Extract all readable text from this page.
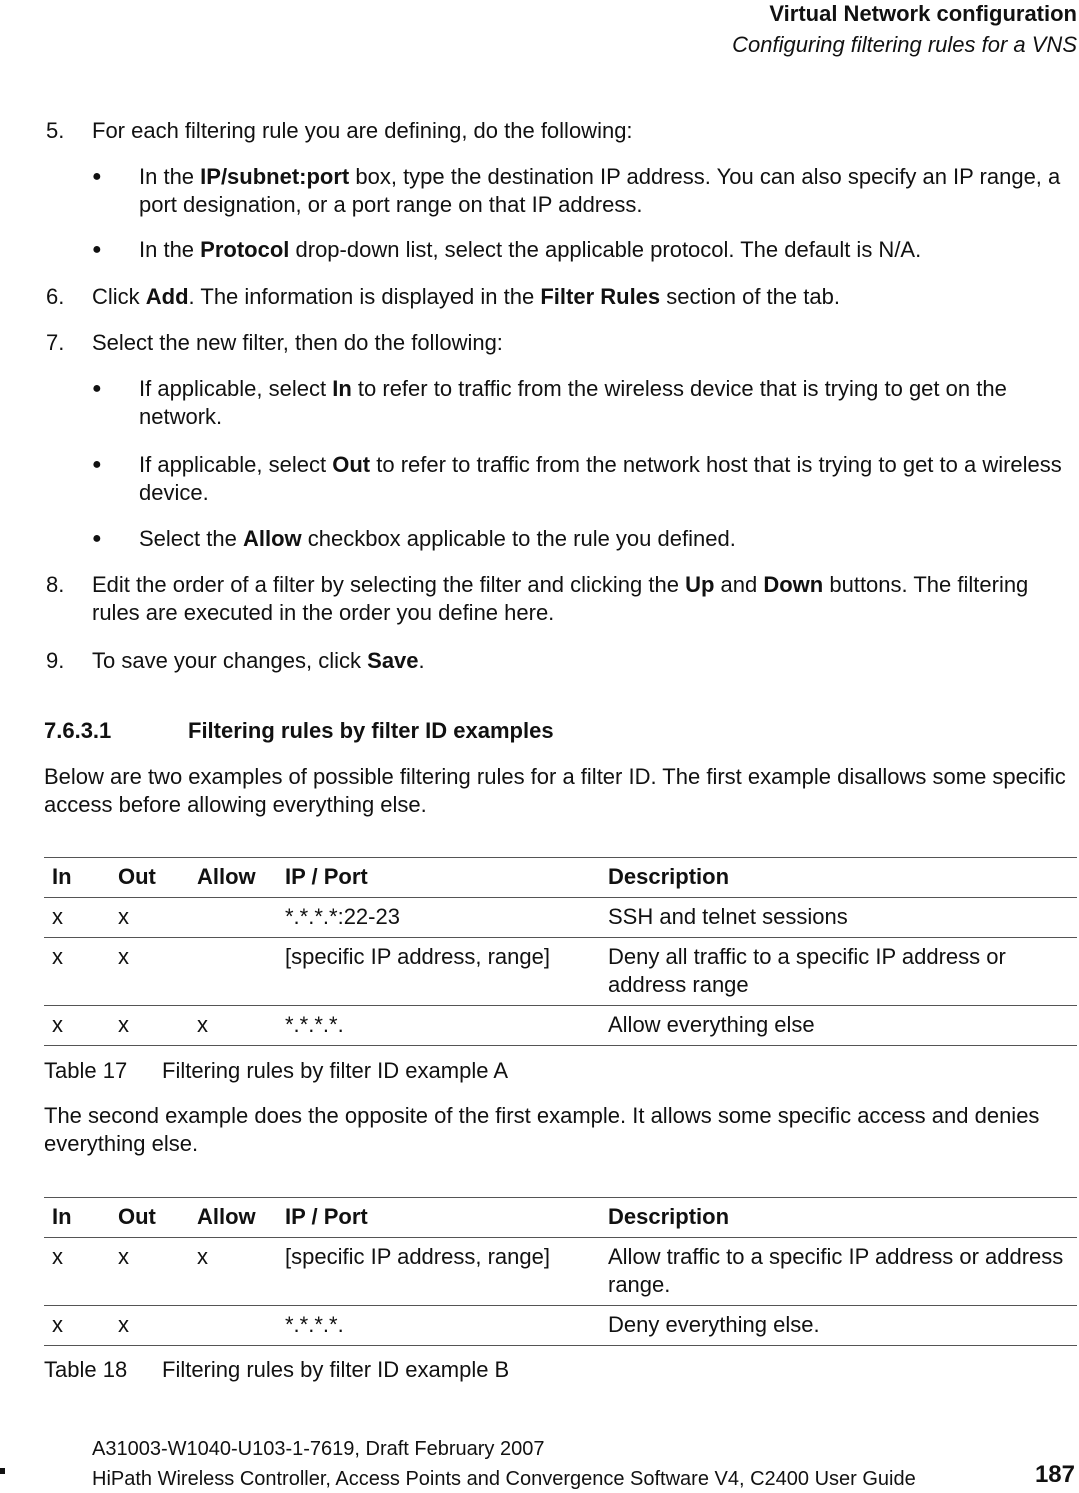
Virtual Network configuration
Configuring filtering rules for a VNS
5.	For each filtering rule you are defining, do the following:
●	In the IP/subnet:port box, type the destination IP address. You can also specify an IP range, a port designation, or a port range on that IP address.
●	In the Protocol drop-down list, select the applicable protocol. The default is N/A.
6.	Click Add. The information is displayed in the Filter Rules section of the tab.
7.	Select the new filter, then do the following:
●	If applicable, select In to refer to traffic from the wireless device that is trying to get on the network.
●	If applicable, select Out to refer to traffic from the network host that is trying to get to a wireless device.
●	Select the Allow checkbox applicable to the rule you defined.
8.	Edit the order of a filter by selecting the filter and clicking the Up and Down buttons. The filtering rules are executed in the order you define here.
9.	To save your changes, click Save.
7.6.3.1	Filtering rules by filter ID examples
Below are two examples of possible filtering rules for a filter ID. The first example disallows some specific access before allowing everything else.
In	Out	Allow	IP / Port	Description
x	x		*.*.*.*:22-23	SSH and telnet sessions
x	x		[specific IP address, range]	Deny all traffic to a specific IP address or address range
x	x	x	*.*.*.*.	Allow everything else
Table 17 Filtering rules by filter ID example A
The second example does the opposite of the first example. It allows some specific access and denies everything else.
In	Out	Allow	IP / Port	Description
x	x	x	[specific IP address, range]	Allow traffic to a specific IP address or address range.
x	x		*.*.*.*.	Deny everything else.
Table 18 Filtering rules by filter ID example B
A31003-W1040-U103-1-7619, Draft February 2007
HiPath Wireless Controller, Access Points and Convergence Software V4, C2400 User Guide	187
